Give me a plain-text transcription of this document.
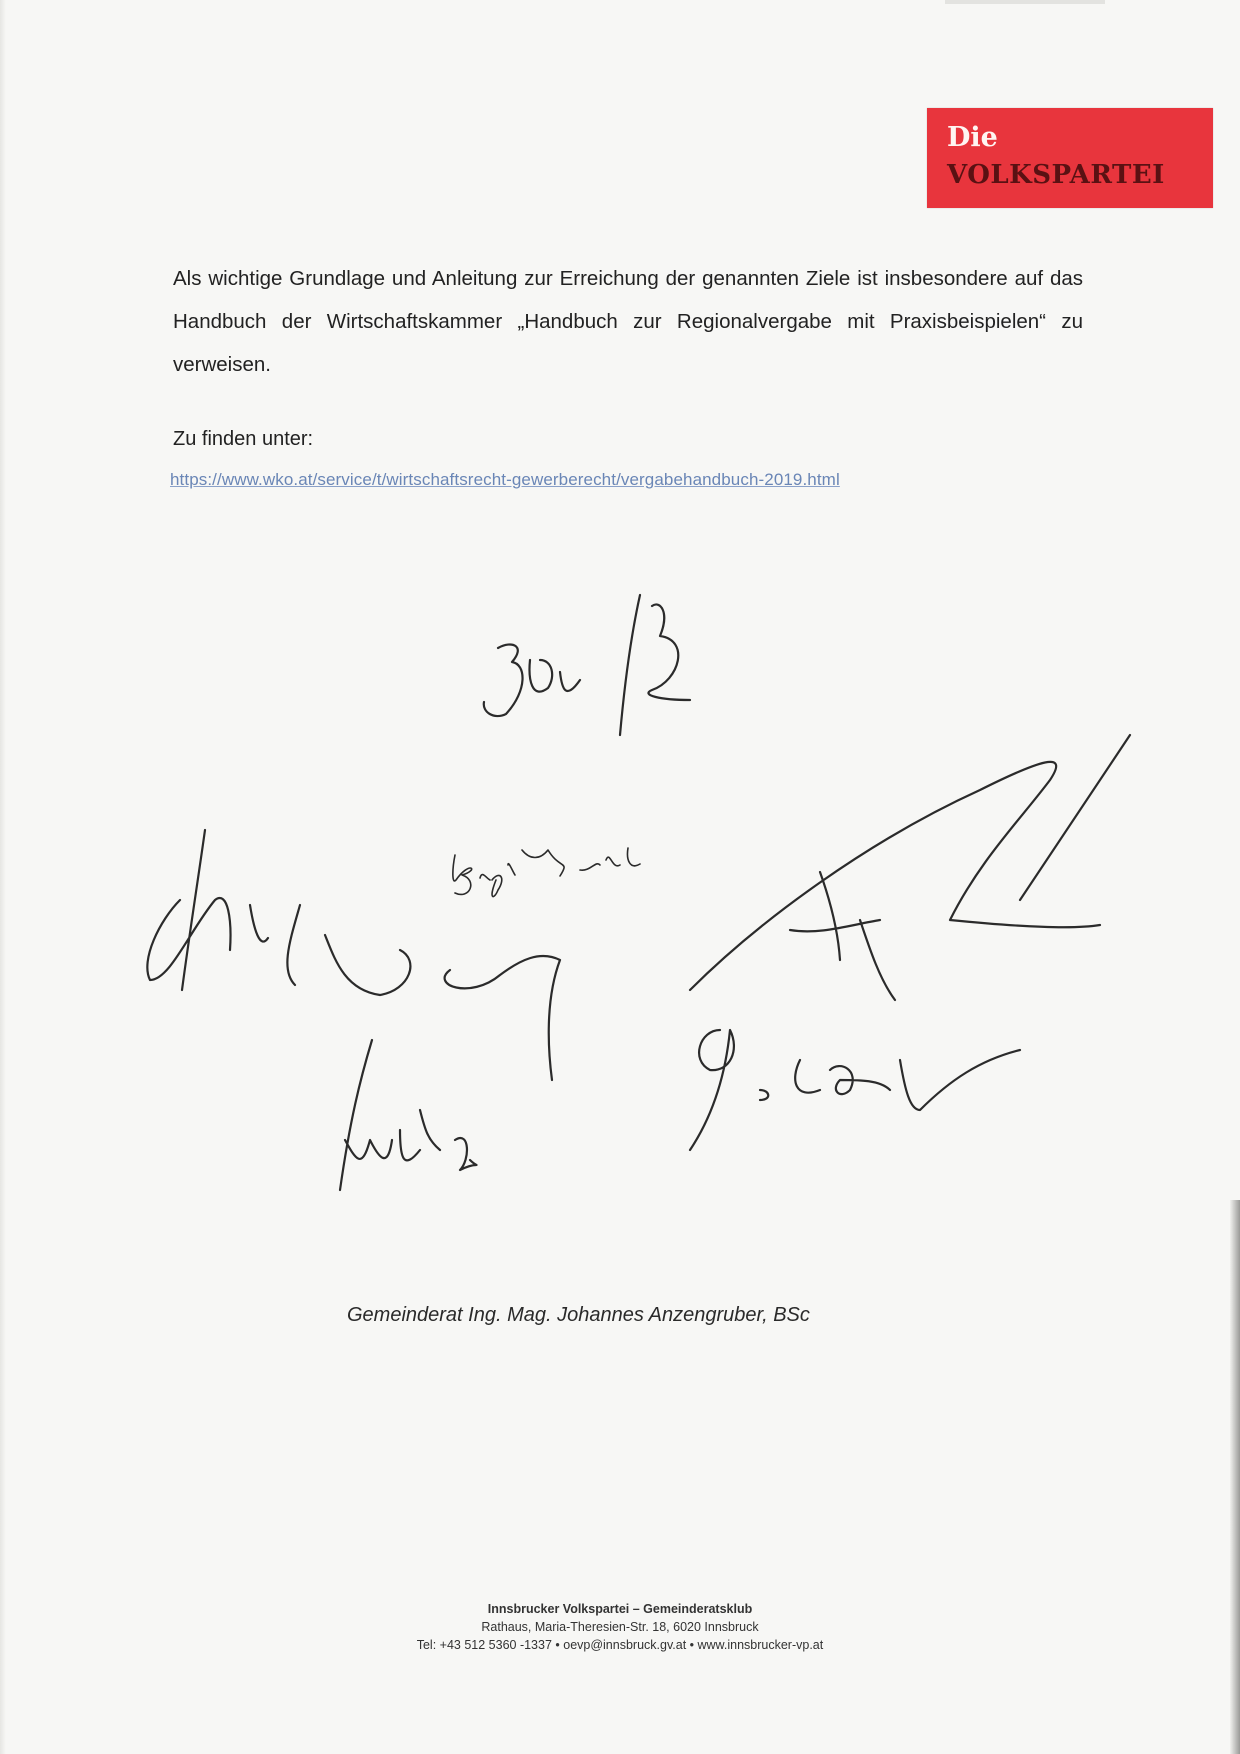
Die
VOLKSPARTEI
Als wichtige Grundlage und Anleitung zur Erreichung der genannten Ziele ist insbesondere auf das Handbuch der Wirtschaftskammer „Handbuch zur Regionalvergabe mit Praxisbeispielen“ zu verweisen.
Zu finden unter:
https://www.wko.at/service/t/wirtschaftsrecht-gewerberecht/vergabehandbuch-2019.html
Gemeinderat Ing. Mag. Johannes Anzengruber, BSc
Innsbrucker Volkspartei – Gemeinderatsklub
Rathaus, Maria-Theresien-Str. 18, 6020 Innsbruck
Tel: +43 512 5360 -1337 • oevp@innsbruck.gv.at • www.innsbrucker-vp.at
